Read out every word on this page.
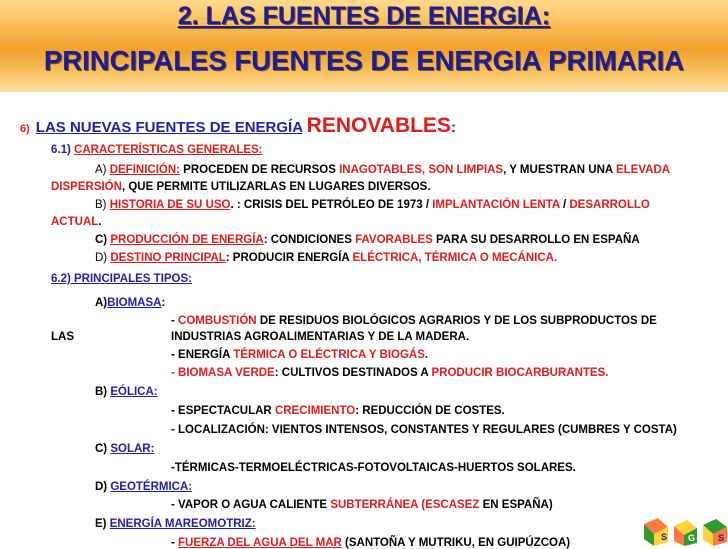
2. LAS FUENTES DE ENERGIA:
PRINCIPALES FUENTES DE ENERGIA PRIMARIA
6) LAS NUEVAS FUENTES DE ENERGÍA RENOVABLES:
6.1) CARACTERÍSTICAS GENERALES:
A) DEFINICIÓN: PROCEDEN DE RECURSOS INAGOTABLES, SON LIMPIAS, Y MUESTRAN UNA ELEVADA
DISPERSIÓN, QUE PERMITE UTILIZARLAS EN LUGARES DIVERSOS.
B) HISTORIA DE SU USO. : CRISIS DEL PETRÓLEO DE 1973 / IMPLANTACIÓN LENTA / DESARROLLO
ACTUAL.
C) PRODUCCIÓN DE ENERGÍA: CONDICIONES FAVORABLES PARA SU DESARROLLO EN ESPAÑA
D) DESTINO PRINCIPAL: PRODUCIR ENERGÍA ELÉCTRICA, TÉRMICA O MECÁNICA.
6.2) PRINCIPALES TIPOS:
A)BIOMASA:
- COMBUSTIÓN DE RESIDUOS BIOLÓGICOS AGRARIOS Y DE LOS SUBPRODUCTOS DE
LAS	INDUSTRIAS AGROALIMENTARIAS Y DE LA MADERA.
- ENERGÍA TÉRMICA O ELÉCTRICA Y BIOGÁS.
- BIOMASA VERDE: CULTIVOS DESTINADOS A PRODUCIR BIOCARBURANTES.
B) EÓLICA:
- ESPECTACULAR CRECIMIENTO: REDUCCIÓN DE COSTES.
- LOCALIZACIÓN: VIENTOS INTENSOS, CONSTANTES Y REGULARES (CUMBRES Y COSTA)
C) SOLAR:
-TÉRMICAS-TERMOELÉCTRICAS-FOTOVOLTAICAS-HUERTOS SOLARES.
D) GEOTÉRMICA:
- VAPOR O AGUA CALIENTE SUBTERRÁNEA (ESCASEZ EN ESPAÑA)
E) ENERGÍA MAREOMOTRIZ:
- FUERZA DEL AGUA DEL MAR (SANTOÑA Y MUTRIKU, EN GUIPÚZCOA)	S G	S
